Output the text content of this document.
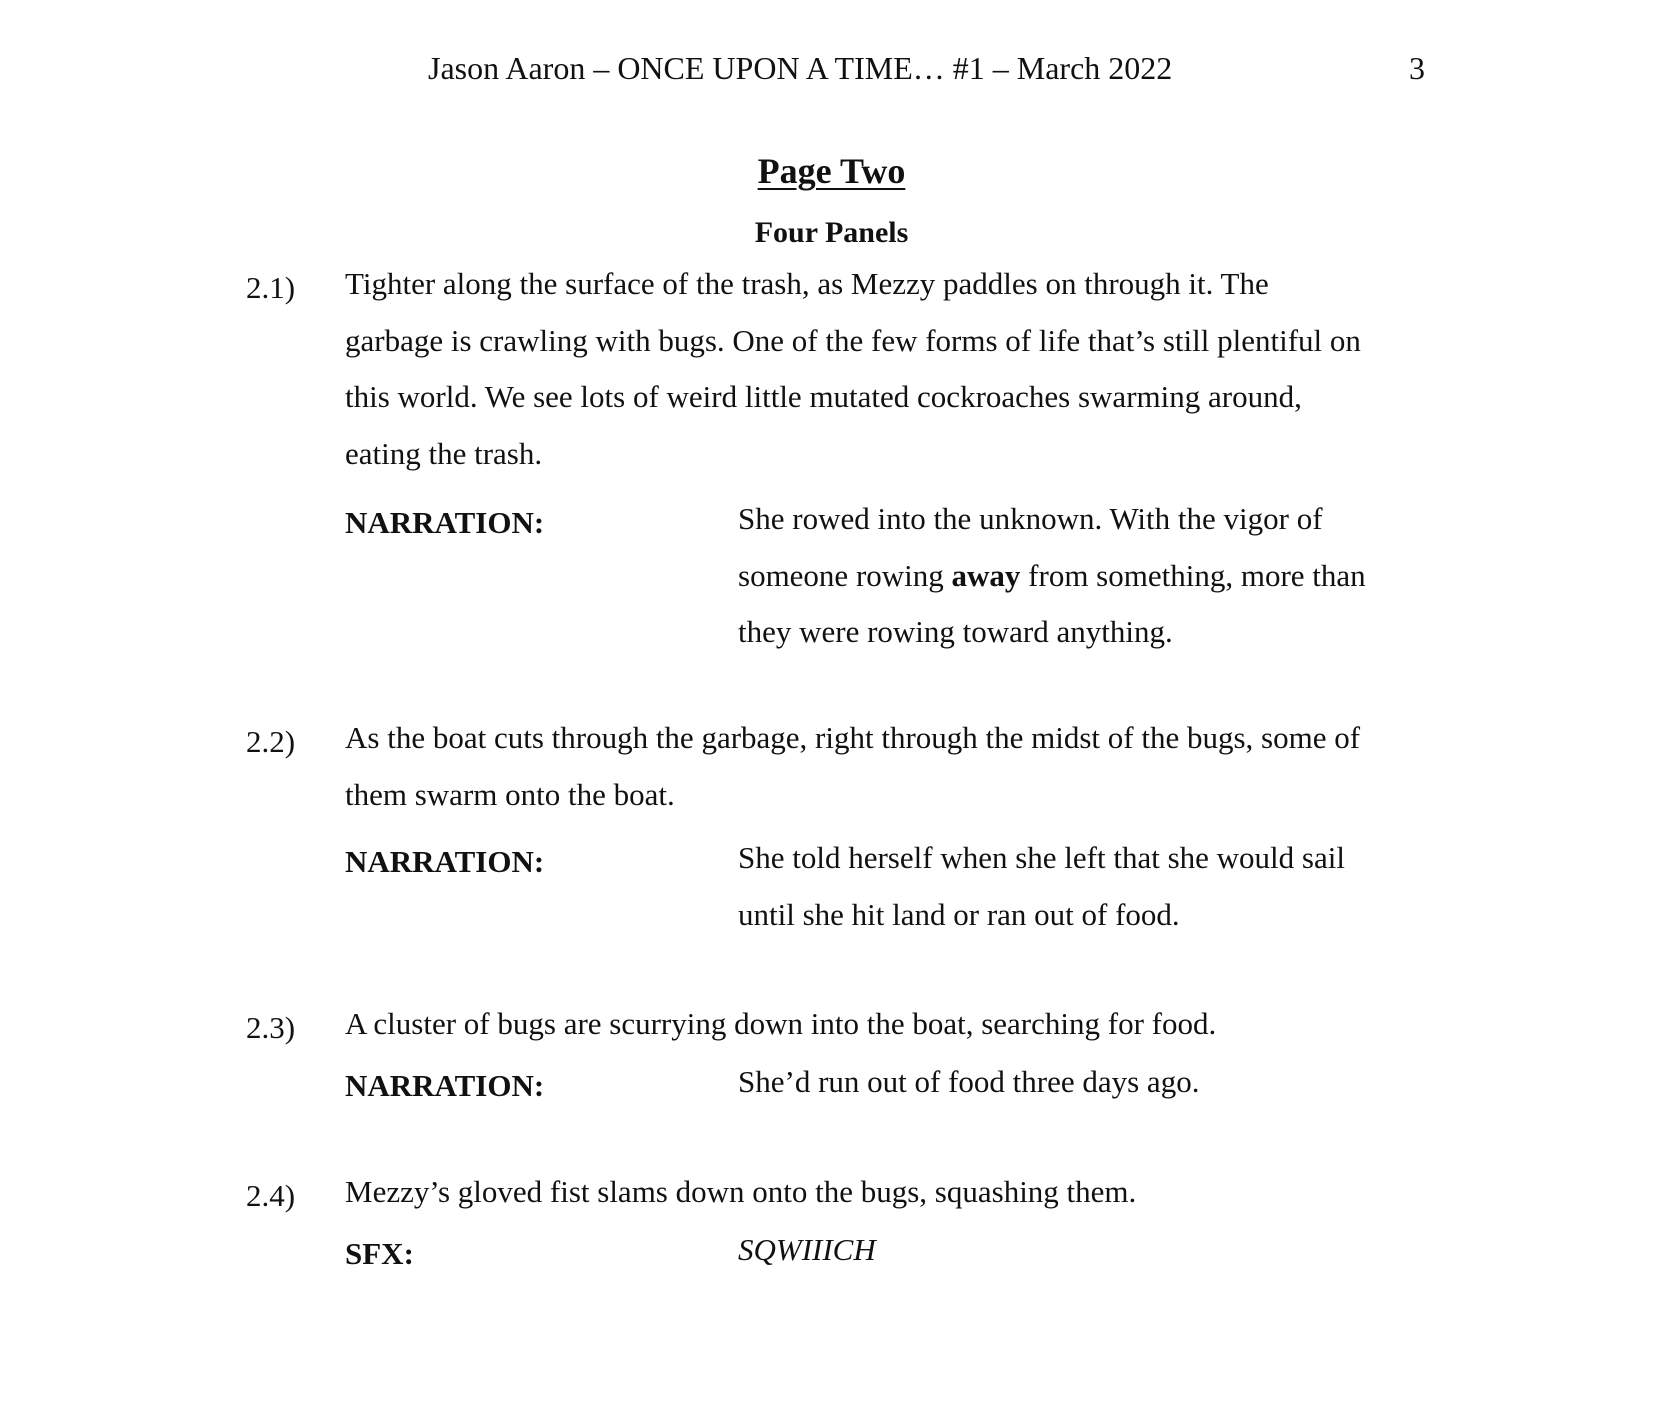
Jason Aaron – ONCE UPON A TIME… #1 – March 2022	3
Page Two
Four Panels
2.1) Tighter along the surface of the trash, as Mezzy paddles on through it. The
garbage is crawling with bugs. One of the few forms of life that’s still plentiful on
this world. We see lots of weird little mutated cockroaches swarming around,
eating the trash.
NARRATION:	She rowed into the unknown. With the vigor of
someone rowing away from something, more than
they were rowing toward anything.
2.2) As the boat cuts through the garbage, right through the midst of the bugs, some of
them swarm onto the boat.
NARRATION:	She told herself when she left that she would sail
until she hit land or ran out of food.
2.3) A cluster of bugs are scurrying down into the boat, searching for food.
NARRATION:	She’d run out of food three days ago.
2.4) Mezzy’s gloved fist slams down onto the bugs, squashing them.
SFX:	SQWIIICH
